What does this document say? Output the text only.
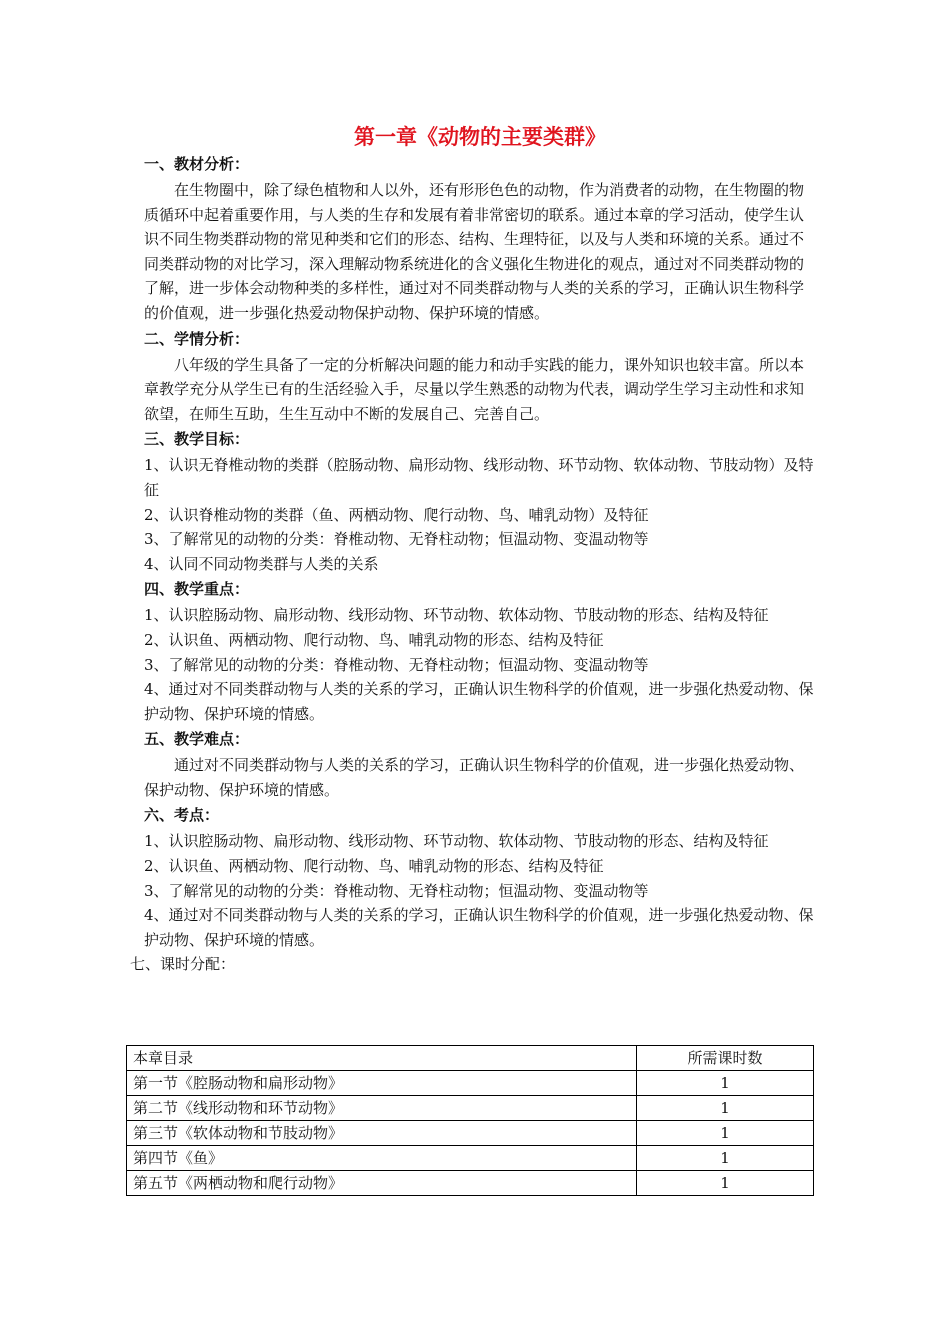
第一章《动物的主要类群》
一、教材分析：

在生物圈中，除了绿色植物和人以外，还有形形色色的动物，作为消费者的动物，在生物圈的物质循环中起着重要作用，与人类的生存和发展有着非常密切的联系。通过本章的学习活动，使学生认识不同生物类群动物的常见种类和它们的形态、结构、生理特征，以及与人类和环境的关系。通过不同类群动物的对比学习，深入理解动物系统进化的含义强化生物进化的观点，通过对不同类群动物的了解，进一步体会动物种类的多样性，通过对不同类群动物与人类的关系的学习，正确认识生物科学的价值观，进一步强化热爱动物保护动物、保护环境的情感。

二、学情分析：

八年级的学生具备了一定的分析解决问题的能力和动手实践的能力，课外知识也较丰富。所以本章教学充分从学生已有的生活经验入手，尽量以学生熟悉的动物为代表，调动学生学习主动性和求知欲望，在师生互助，生生互动中不断的发展自己、完善自己。

三、教学目标：

1、认识无脊椎动物的类群（腔肠动物、扁形动物、线形动物、环节动物、软体动物、节肢动物）及特征

2、认识脊椎动物的类群（鱼、两栖动物、爬行动物、鸟、哺乳动物）及特征

3、了解常见的动物的分类：脊椎动物、无脊柱动物；恒温动物、变温动物等

4、认同不同动物类群与人类的关系

四、教学重点：

1、认识腔肠动物、扁形动物、线形动物、环节动物、软体动物、节肢动物的形态、结构及特征

2、认识鱼、两栖动物、爬行动物、鸟、哺乳动物的形态、结构及特征

3、了解常见的动物的分类：脊椎动物、无脊柱动物；恒温动物、变温动物等

4、通过对不同类群动物与人类的关系的学习，正确认识生物科学的价值观，进一步强化热爱动物、保护动物、保护环境的情感。

五、教学难点：

通过对不同类群动物与人类的关系的学习，正确认识生物科学的价值观，进一步强化热爱动物、保护动物、保护环境的情感。

六、考点：

1、认识腔肠动物、扁形动物、线形动物、环节动物、软体动物、节肢动物的形态、结构及特征

2、认识鱼、两栖动物、爬行动物、鸟、哺乳动物的形态、结构及特征

3、了解常见的动物的分类：脊椎动物、无脊柱动物；恒温动物、变温动物等

4、通过对不同类群动物与人类的关系的学习，正确认识生物科学的价值观，进一步强化热爱动物、保护动物、保护环境的情感。

七、课时分配：
本章目录	所需课时数
第一节《腔肠动物和扁形动物》	1
第二节《线形动物和环节动物》	1
第三节《软体动物和节肢动物》	1
第四节《鱼》	1
第五节《两栖动物和爬行动物》	1
